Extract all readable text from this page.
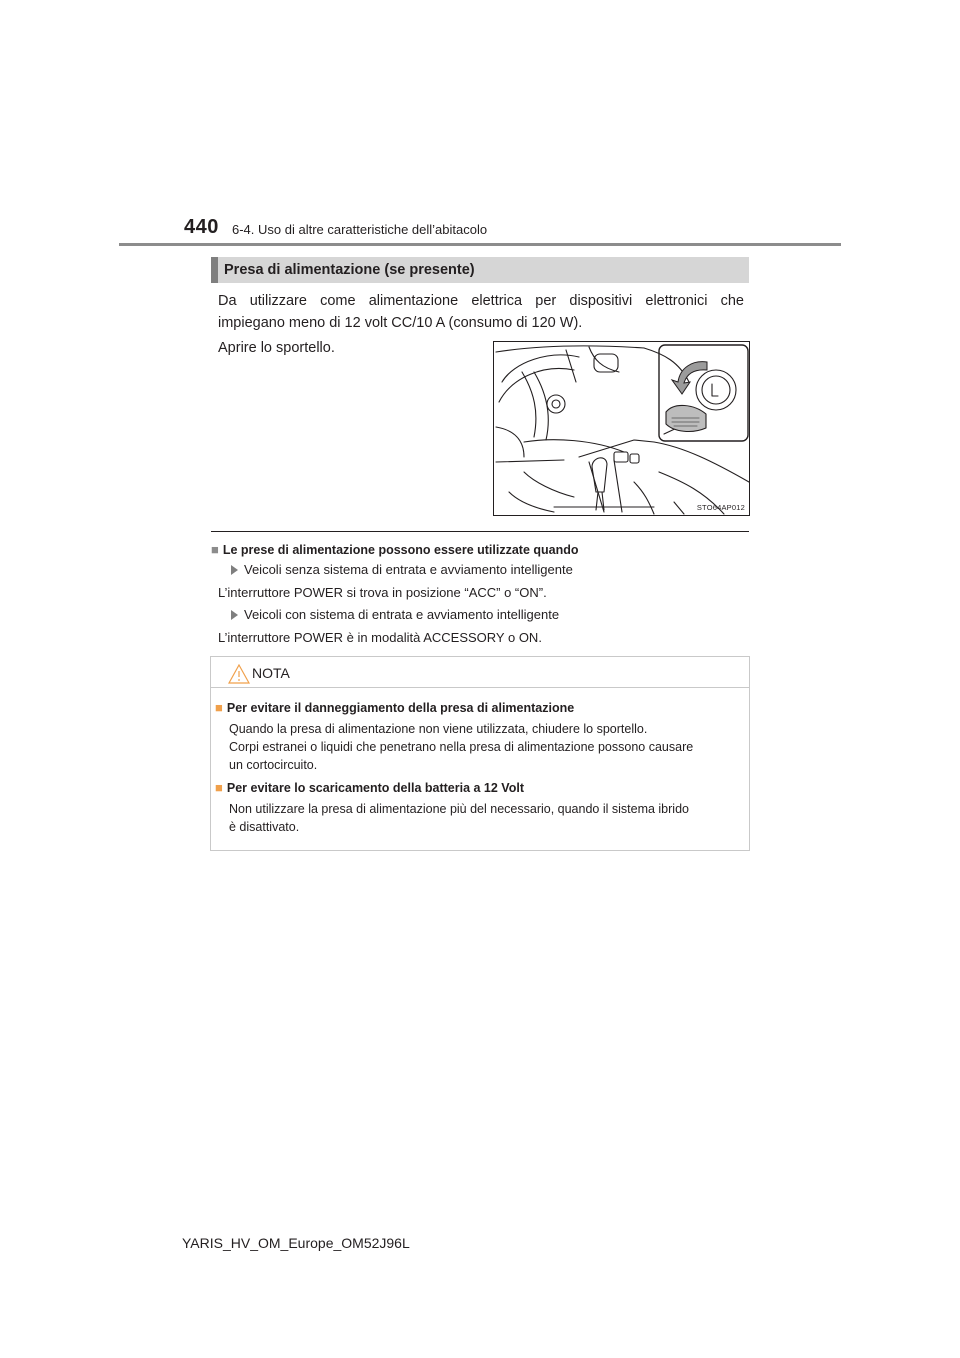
440 6-4. Uso di altre caratteristiche dell’abitacolo
Presa di alimentazione (se presente)
Da utilizzare come alimentazione elettrica per dispositivi elettronici che
impiegano meno di 12 volt CC/10 A (consumo di 120 W).
Aprire lo sportello.
STO64AP012
■ Le prese di alimentazione possono essere utilizzate quando
Veicoli senza sistema di entrata e avviamento intelligente
L’interruttore POWER si trova in posizione “ACC” o “ON”.
Veicoli con sistema di entrata e avviamento intelligente
L’interruttore POWER è in modalità ACCESSORY o ON.
NOTA
■ Per evitare il danneggiamento della presa di alimentazione
Quando la presa di alimentazione non viene utilizzata, chiudere lo sportello.
Corpi estranei o liquidi che penetrano nella presa di alimentazione possono causare
un cortocircuito.
■ Per evitare lo scaricamento della batteria a 12 Volt
Non utilizzare la presa di alimentazione più del necessario, quando il sistema ibrido
è disattivato.
YARIS_HV_OM_Europe_OM52J96L
